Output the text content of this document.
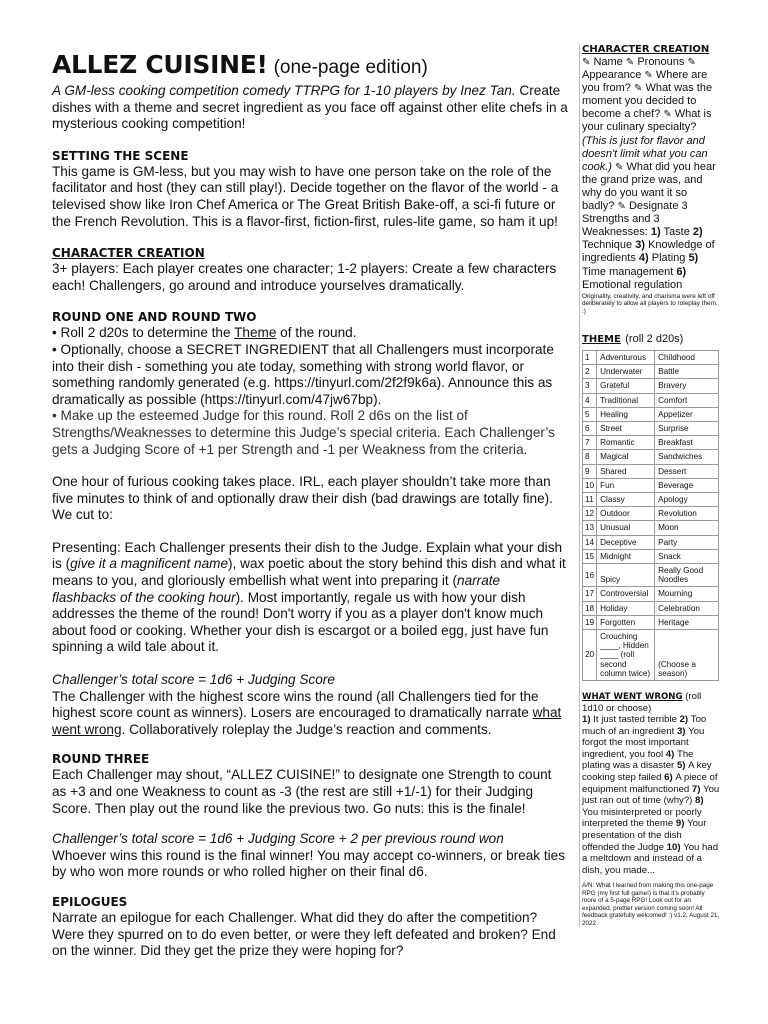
ALLEZ CUISINE! (one-page edition)
A GM-less cooking competition comedy TTRPG for 1-10 players by Inez Tan. Create dishes with a theme and secret ingredient as you face off against other elite chefs in a mysterious cooking competition!
SETTING THE SCENE
This game is GM-less, but you may wish to have one person take on the role of the facilitator and host (they can still play!). Decide together on the flavor of the world - a televised show like Iron Chef America or The Great British Bake-off, a sci-fi future or the French Revolution. This is a flavor-first, fiction-first, rules-lite game, so ham it up!
CHARACTER CREATION
3+ players: Each player creates one character; 1-2 players: Create a few characters each! Challengers, go around and introduce yourselves dramatically.
ROUND ONE AND ROUND TWO
• Roll 2 d20s to determine the Theme of the round.
• Optionally, choose a SECRET INGREDIENT that all Challengers must incorporate into their dish - something you ate today, something with strong world flavor, or something randomly generated (e.g. https://tinyurl.com/2f2f9k6a). Announce this as dramatically as possible (https://tinyurl.com/47jw67bp).
• Make up the esteemed Judge for this round. Roll 2 d6s on the list of Strengths/Weaknesses to determine this Judge’s special criteria. Each Challenger’s gets a Judging Score of +1 per Strength and -1 per Weakness from the criteria.
One hour of furious cooking takes place. IRL, each player shouldn’t take more than five minutes to think of and optionally draw their dish (bad drawings are totally fine). We cut to:
Presenting: Each Challenger presents their dish to the Judge. Explain what your dish is (give it a magnificent name), wax poetic about the story behind this dish and what it means to you, and gloriously embellish what went into preparing it (narrate flashbacks of the cooking hour). Most importantly, regale us with how your dish addresses the theme of the round! Don't worry if you as a player don't know much about food or cooking. Whether your dish is escargot or a boiled egg, just have fun spinning a wild tale about it.
Challenger’s total score = 1d6 + Judging Score
The Challenger with the highest score wins the round (all Challengers tied for the highest score count as winners). Losers are encouraged to dramatically narrate what went wrong. Collaboratively roleplay the Judge’s reaction and comments.
ROUND THREE
Each Challenger may shout, “ALLEZ CUISINE!” to designate one Strength to count as +3 and one Weakness to count as -3 (the rest are still +1/-1) for their Judging Score. Then play out the round like the previous two. Go nuts: this is the finale!
Challenger’s total score = 1d6 + Judging Score + 2 per previous round won
Whoever wins this round is the final winner! You may accept co-winners, or break ties by who won more rounds or who rolled higher on their final d6.
EPILOGUES
Narrate an epilogue for each Challenger. What did they do after the competition? Were they spurred on to do even better, or were they left defeated and broken? End on the winner. Did they get the prize they were hoping for?
CHARACTER CREATION
✎ Name ✎ Pronouns ✎ Appearance ✎ Where are you from? ✎ What was the moment you decided to become a chef? ✎ What is your culinary specialty? (This is just for flavor and doesn't limit what you can cook.) ✎ What did you hear the grand prize was, and why do you want it so badly? ✎ Designate 3 Strengths and 3 Weaknesses: 1) Taste 2) Technique 3) Knowledge of ingredients 4) Plating 5) Time management 6) Emotional regulation
Originality, creativity, and charisma were left off deliberately to allow all players to roleplay them. :)
THEME (roll 2 d20s)
1	Adventurous	Childhood
2	Underwater	Battle
3	Grateful	Bravery
4	Traditional	Comfort
5	Healing	Appetizer
6	Street	Surprise
7	Romantic	Breakfast
8	Magical	Sandwiches
9	Shared	Dessert
10	Fun	Beverage
11	Classy	Apology
12	Outdoor	Revolution
13	Unusual	Moon
14	Deceptive	Party
15	Midnight	Snack
16	Spicy	Really Good Noodles
17	Controversial	Mourning
18	Holiday	Celebration
19	Forgotten	Heritage
20	Crouching ____, Hidden ____ (roll second column twice)	(Choose a season)
WHAT WENT WRONG (roll 1d10 or choose)
1) It just tasted terrible 2) Too much of an ingredient 3) You forgot the most important ingredient, you fool 4) The plating was a disaster 5) A key cooking step failed 6) A piece of equipment malfunctioned 7) You just ran out of time (why?) 8) You misinterpreted or poorly interpreted the theme 9) Your presentation of the dish offended the Judge 10) You had a meltdown and instead of a dish, you made...
A/N: What I learned from making this one-page RPG (my first full game!) is that it’s probably more of a 5-page RPG! Look out for an expanded, prettier version coming soon! All feedback gratefully welcomed! :) v1.2, August 21, 2022.
